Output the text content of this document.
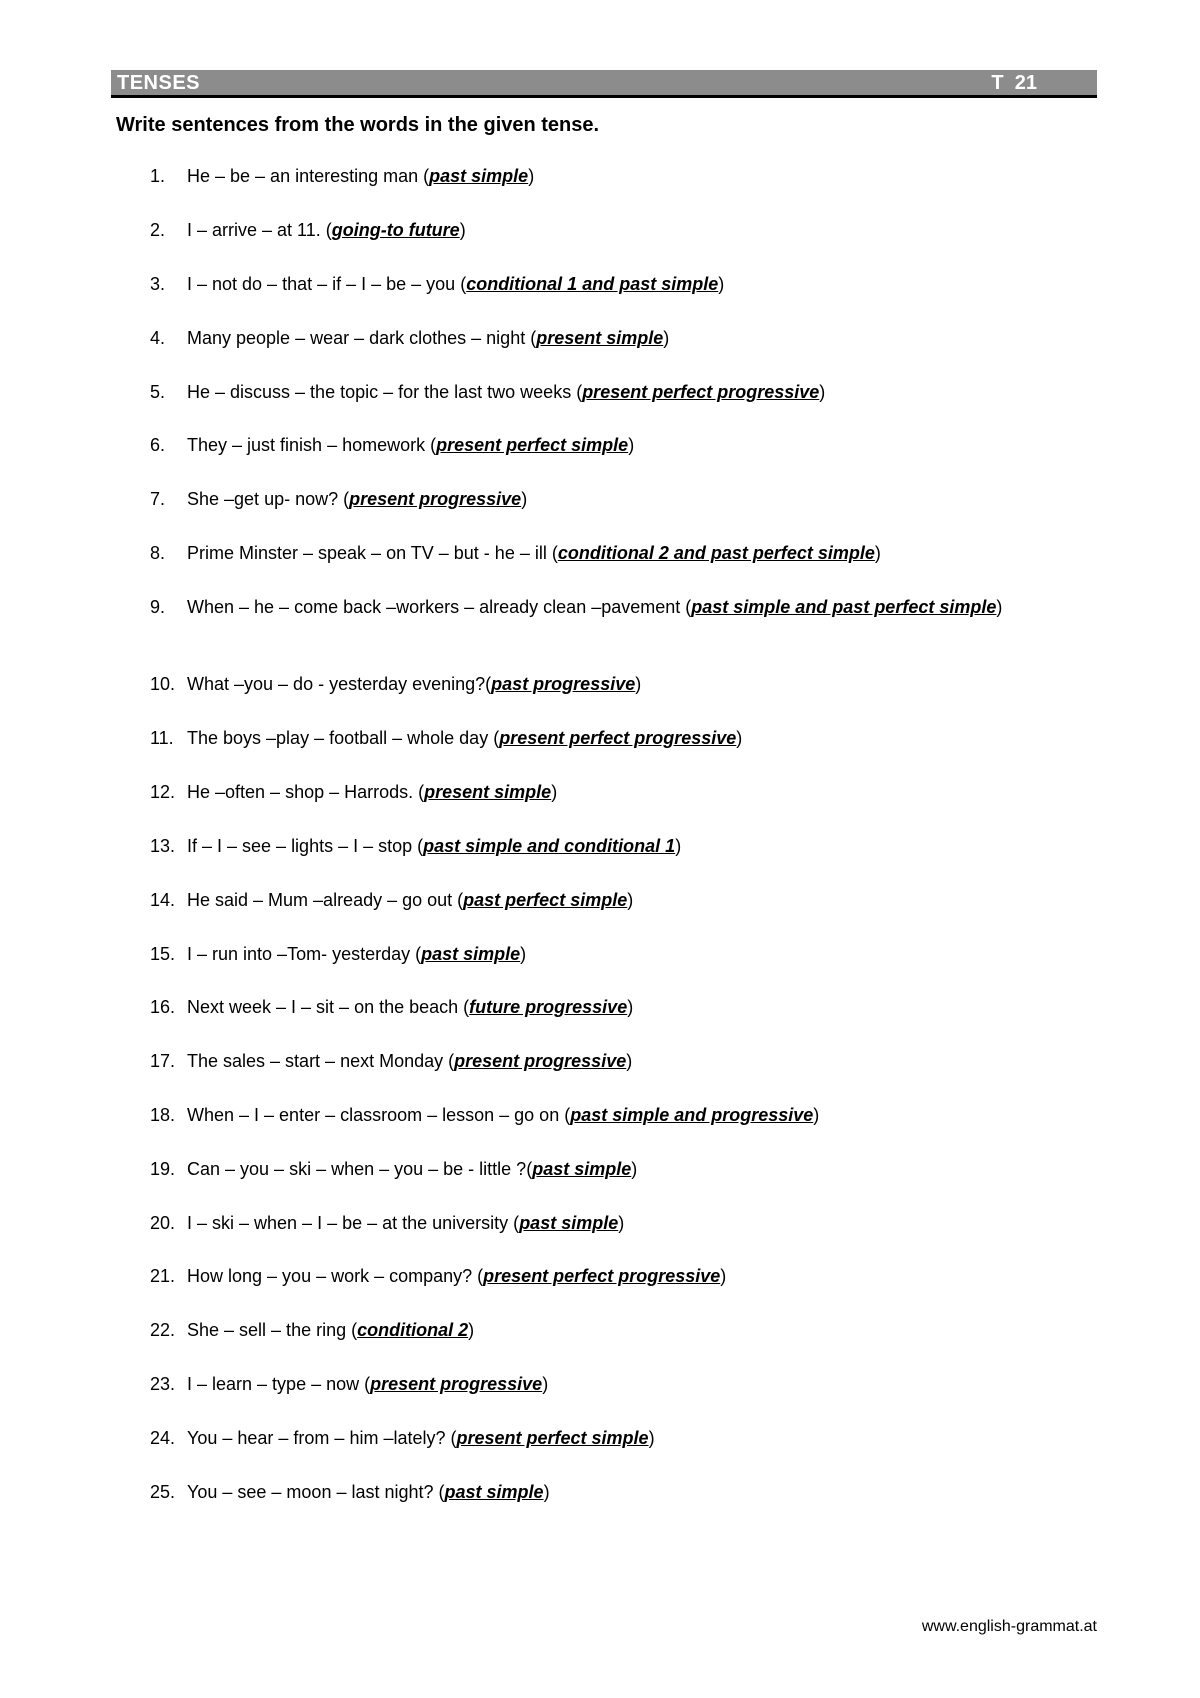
TENSES	T  21
Write sentences from the words in the given tense.
1.	He – be – an interesting man (past simple)
2.	I – arrive – at 11. (going-to future)
3.	I – not do – that – if – I – be – you (conditional 1 and past simple)
4.	Many people – wear – dark clothes – night (present simple)
5.	He – discuss – the topic – for the last two weeks (present perfect progressive)
6.	They – just finish – homework (present perfect simple)
7.	She –get up- now? (present progressive)
8.	Prime Minster – speak – on TV – but - he – ill (conditional 2 and past perfect simple)
9.	When – he – come back –workers – already clean –pavement (past simple and past perfect simple)
10. What –you – do - yesterday evening?(past progressive)
11. The boys –play – football – whole day (present perfect progressive)
12. He –often – shop – Harrods. (present simple)
13. If – I – see – lights – I – stop (past simple and conditional 1)
14. He said – Mum –already – go out (past perfect simple)
15. I – run into –Tom- yesterday (past simple)
16. Next week – I – sit – on the beach (future progressive)
17. The sales – start – next Monday (present progressive)
18. When – I – enter – classroom – lesson – go on (past simple and progressive)
19. Can – you – ski – when – you – be - little ?(past simple)
20. I – ski – when – I – be – at the university (past simple)
21. How long – you – work – company? (present perfect progressive)
22. She – sell – the ring (conditional 2)
23. I – learn – type – now (present progressive)
24. You – hear – from – him –lately? (present perfect simple)
25. You – see – moon – last night? (past simple)
www.english-grammat.at
